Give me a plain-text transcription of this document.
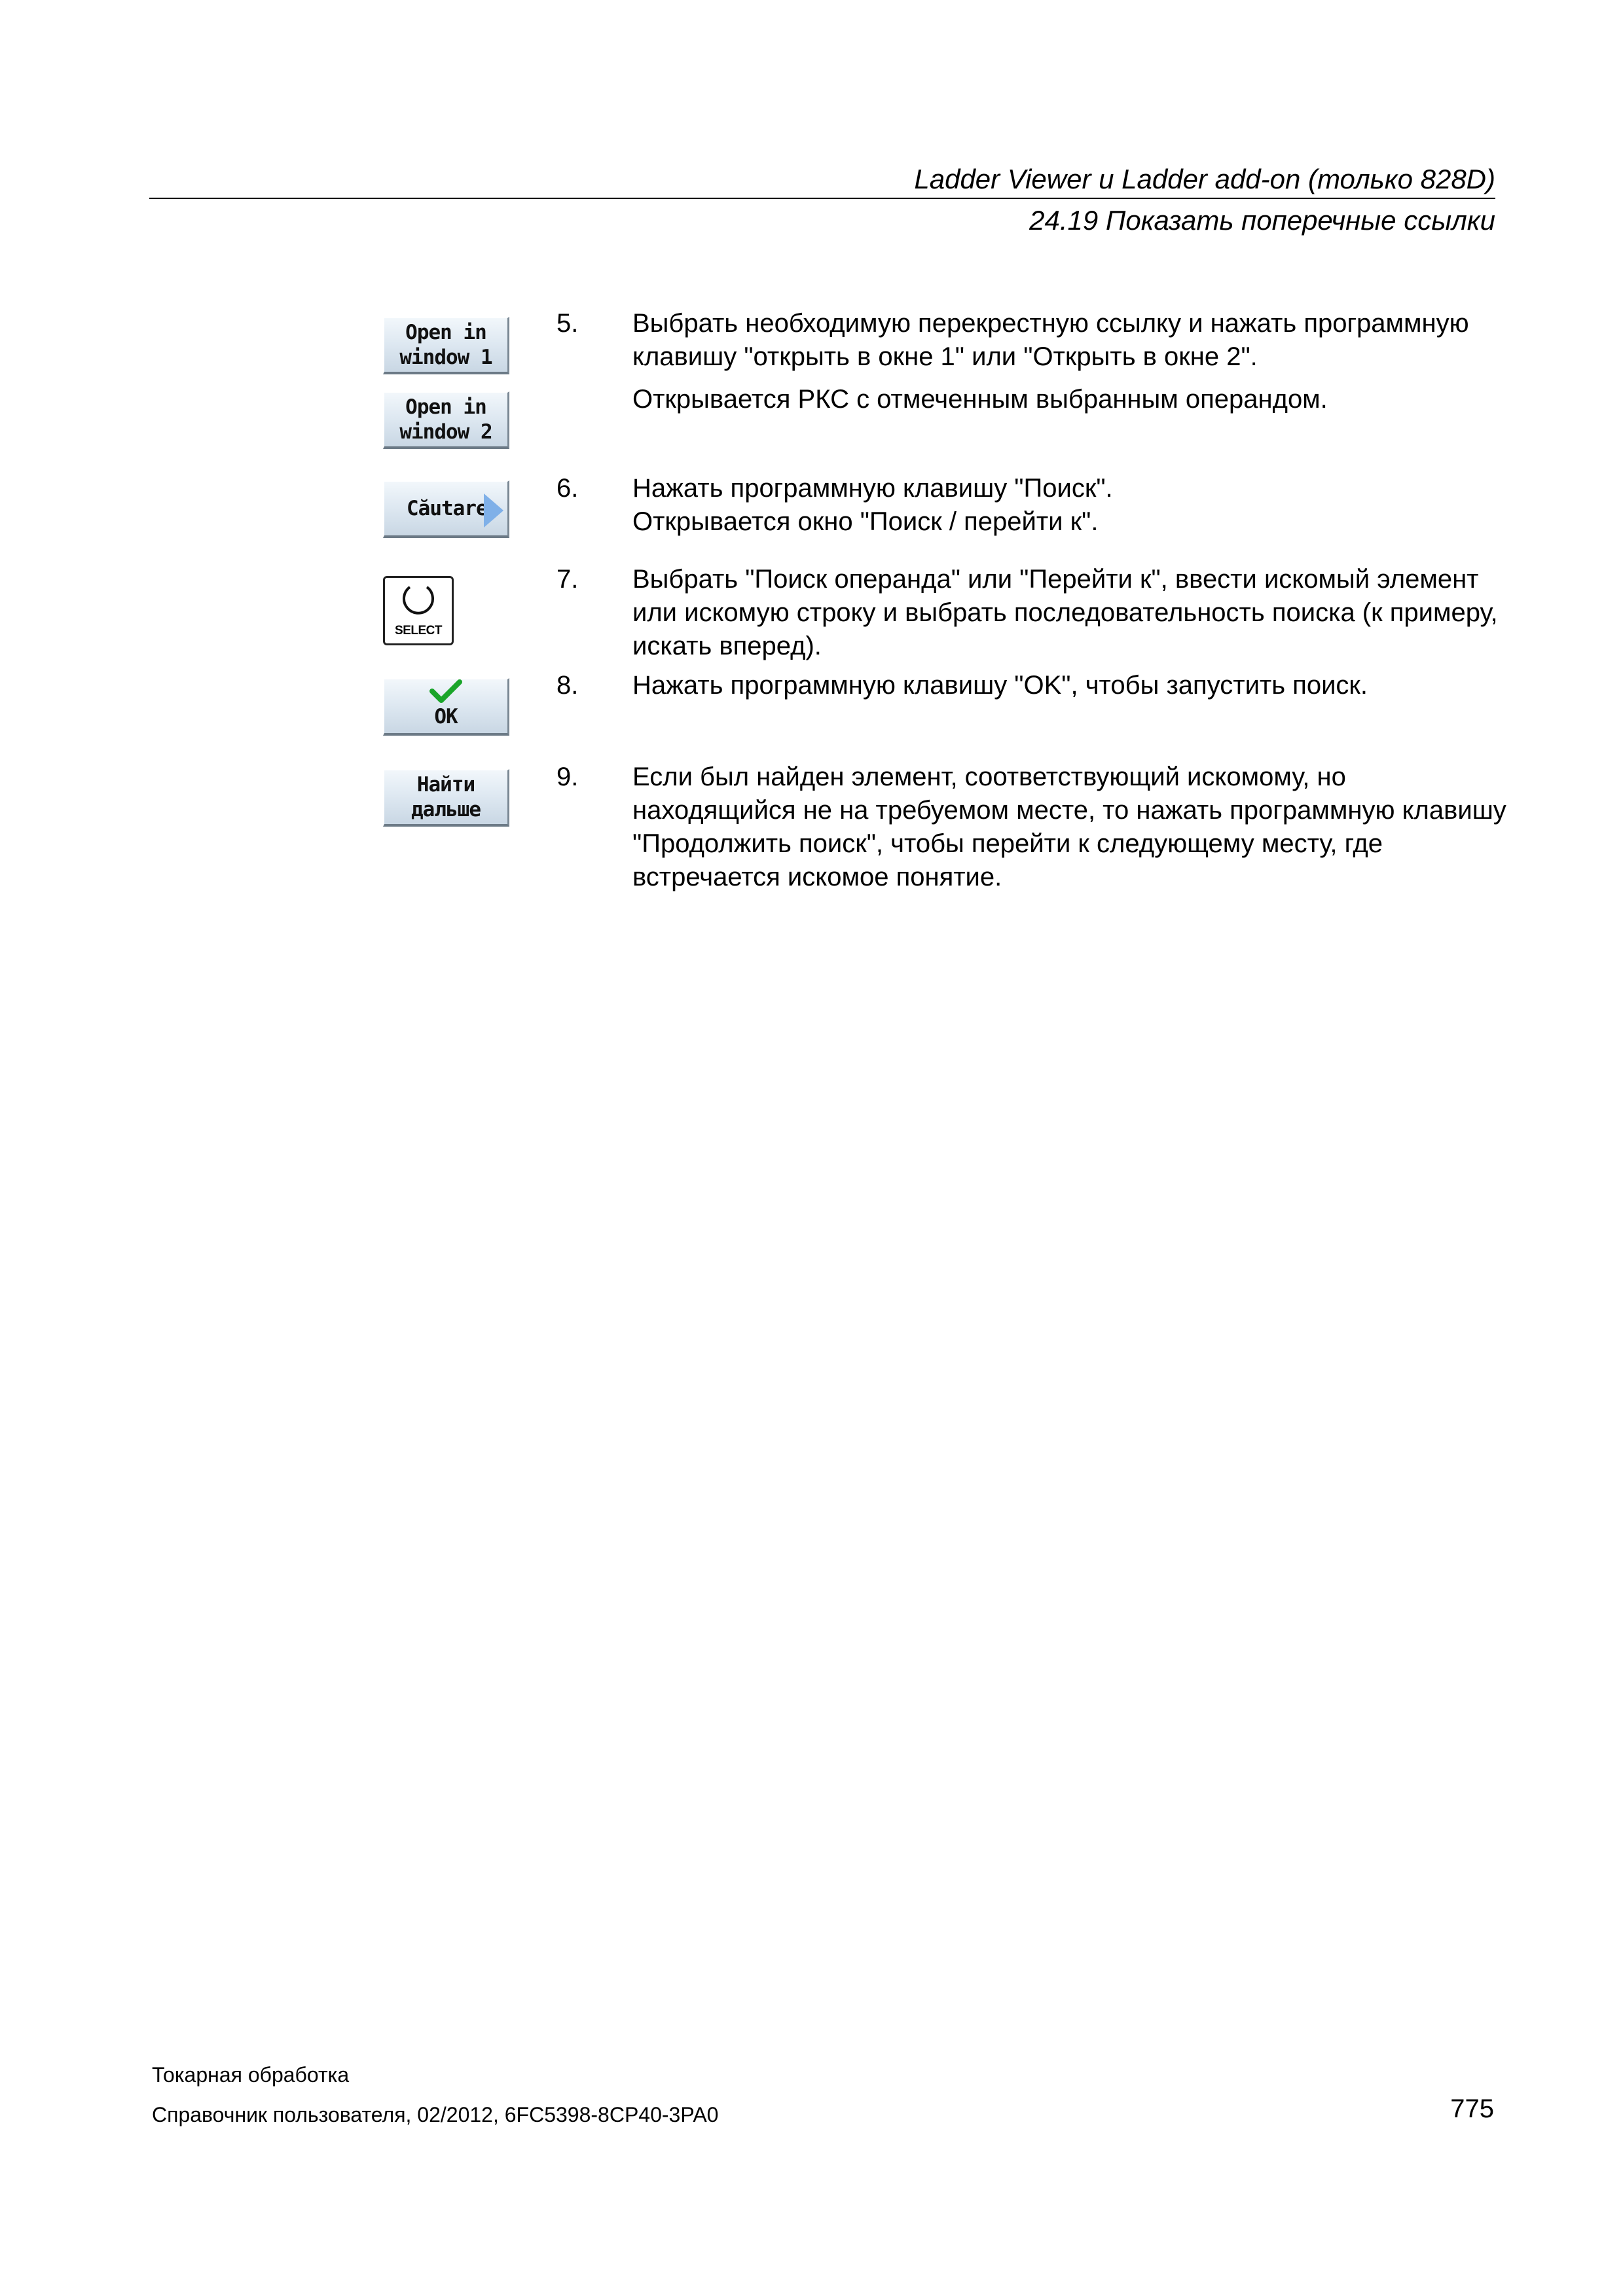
Ladder Viewer и Ladder add-on (только 828D)
24.19 Показать поперечные ссылки
Open in
window 1
Open in
window 2
Căutare
SELECT
OK
Найти
дальше
5. Выбрать необходимую перекрестную ссылку и нажать программную клавишу "открыть в окне 1" или "Открыть в окне 2".

Открывается РКС с отмеченным выбранным операндом.

6. Нажать программную клавишу "Поиск".

Открывается окно "Поиск / перейти к".

7. Выбрать "Поиск операнда" или "Перейти к", ввести искомый элемент или искомую строку и выбрать последовательность поиска (к примеру, искать вперед).

8. Нажать программную клавишу "OK", чтобы запустить поиск.

9. Если был найден элемент, соответствующий искомому, но находящийся не на требуемом месте, то нажать программную клавишу "Продолжить поиск", чтобы перейти к следующему месту, где встречается искомое понятие.

Токарная обработка
Справочник пользователя, 02/2012, 6FC5398-8CP40-3PA0	775
